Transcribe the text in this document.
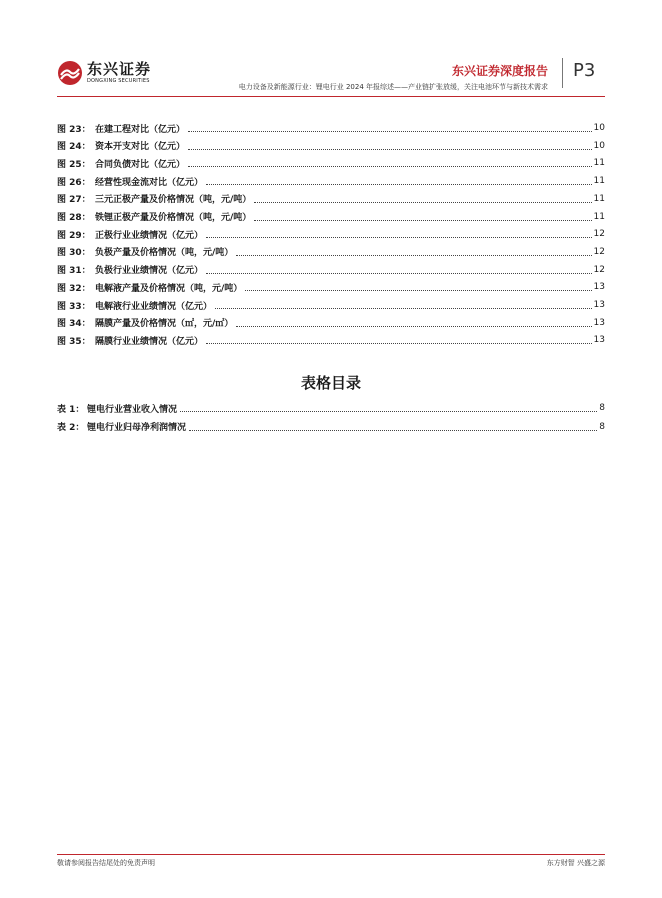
东兴证券
DONGXING SECURITIES
东兴证券深度报告 P3
电力设备及新能源行业：锂电行业 2024 年报综述——产业链扩张放缓，关注电池环节与新技术需求
图 23： 在建工程对比（亿元）	10
图 24： 资本开支对比（亿元）	10
图 25： 合同负债对比（亿元）	11
图 26： 经营性现金流对比（亿元）	11
图 27： 三元正极产量及价格情况（吨，元/吨）	11
图 28： 铁锂正极产量及价格情况（吨，元/吨）	11
图 29： 正极行业业绩情况（亿元）	12
图 30： 负极产量及价格情况（吨，元/吨）	12
图 31： 负极行业业绩情况（亿元）	12
图 32： 电解液产量及价格情况（吨，元/吨）	13
图 33： 电解液行业业绩情况（亿元）	13
图 34： 隔膜产量及价格情况（㎡，元/㎡）	13
图 35： 隔膜行业业绩情况（亿元）	13
表格目录
表 1： 锂电行业营业收入情况	8
表 2： 锂电行业归母净利润情况	8
敬请参阅报告结尾处的免责声明	东方财智 兴盛之源
